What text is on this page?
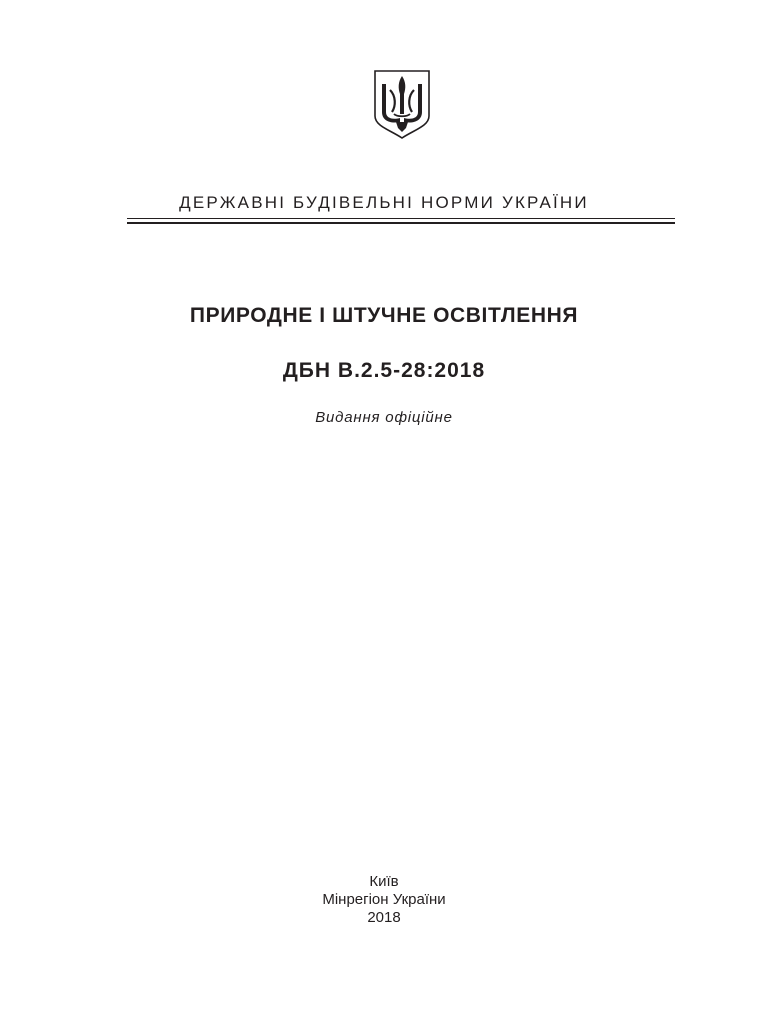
ДЕРЖАВНІ БУДІВЕЛЬНІ НОРМИ УКРАЇНИ
ПРИРОДНЕ І ШТУЧНЕ ОСВІТЛЕННЯ
ДБН В.2.5-28:2018
Видання офіційне
Київ
Мінрегіон України
2018
